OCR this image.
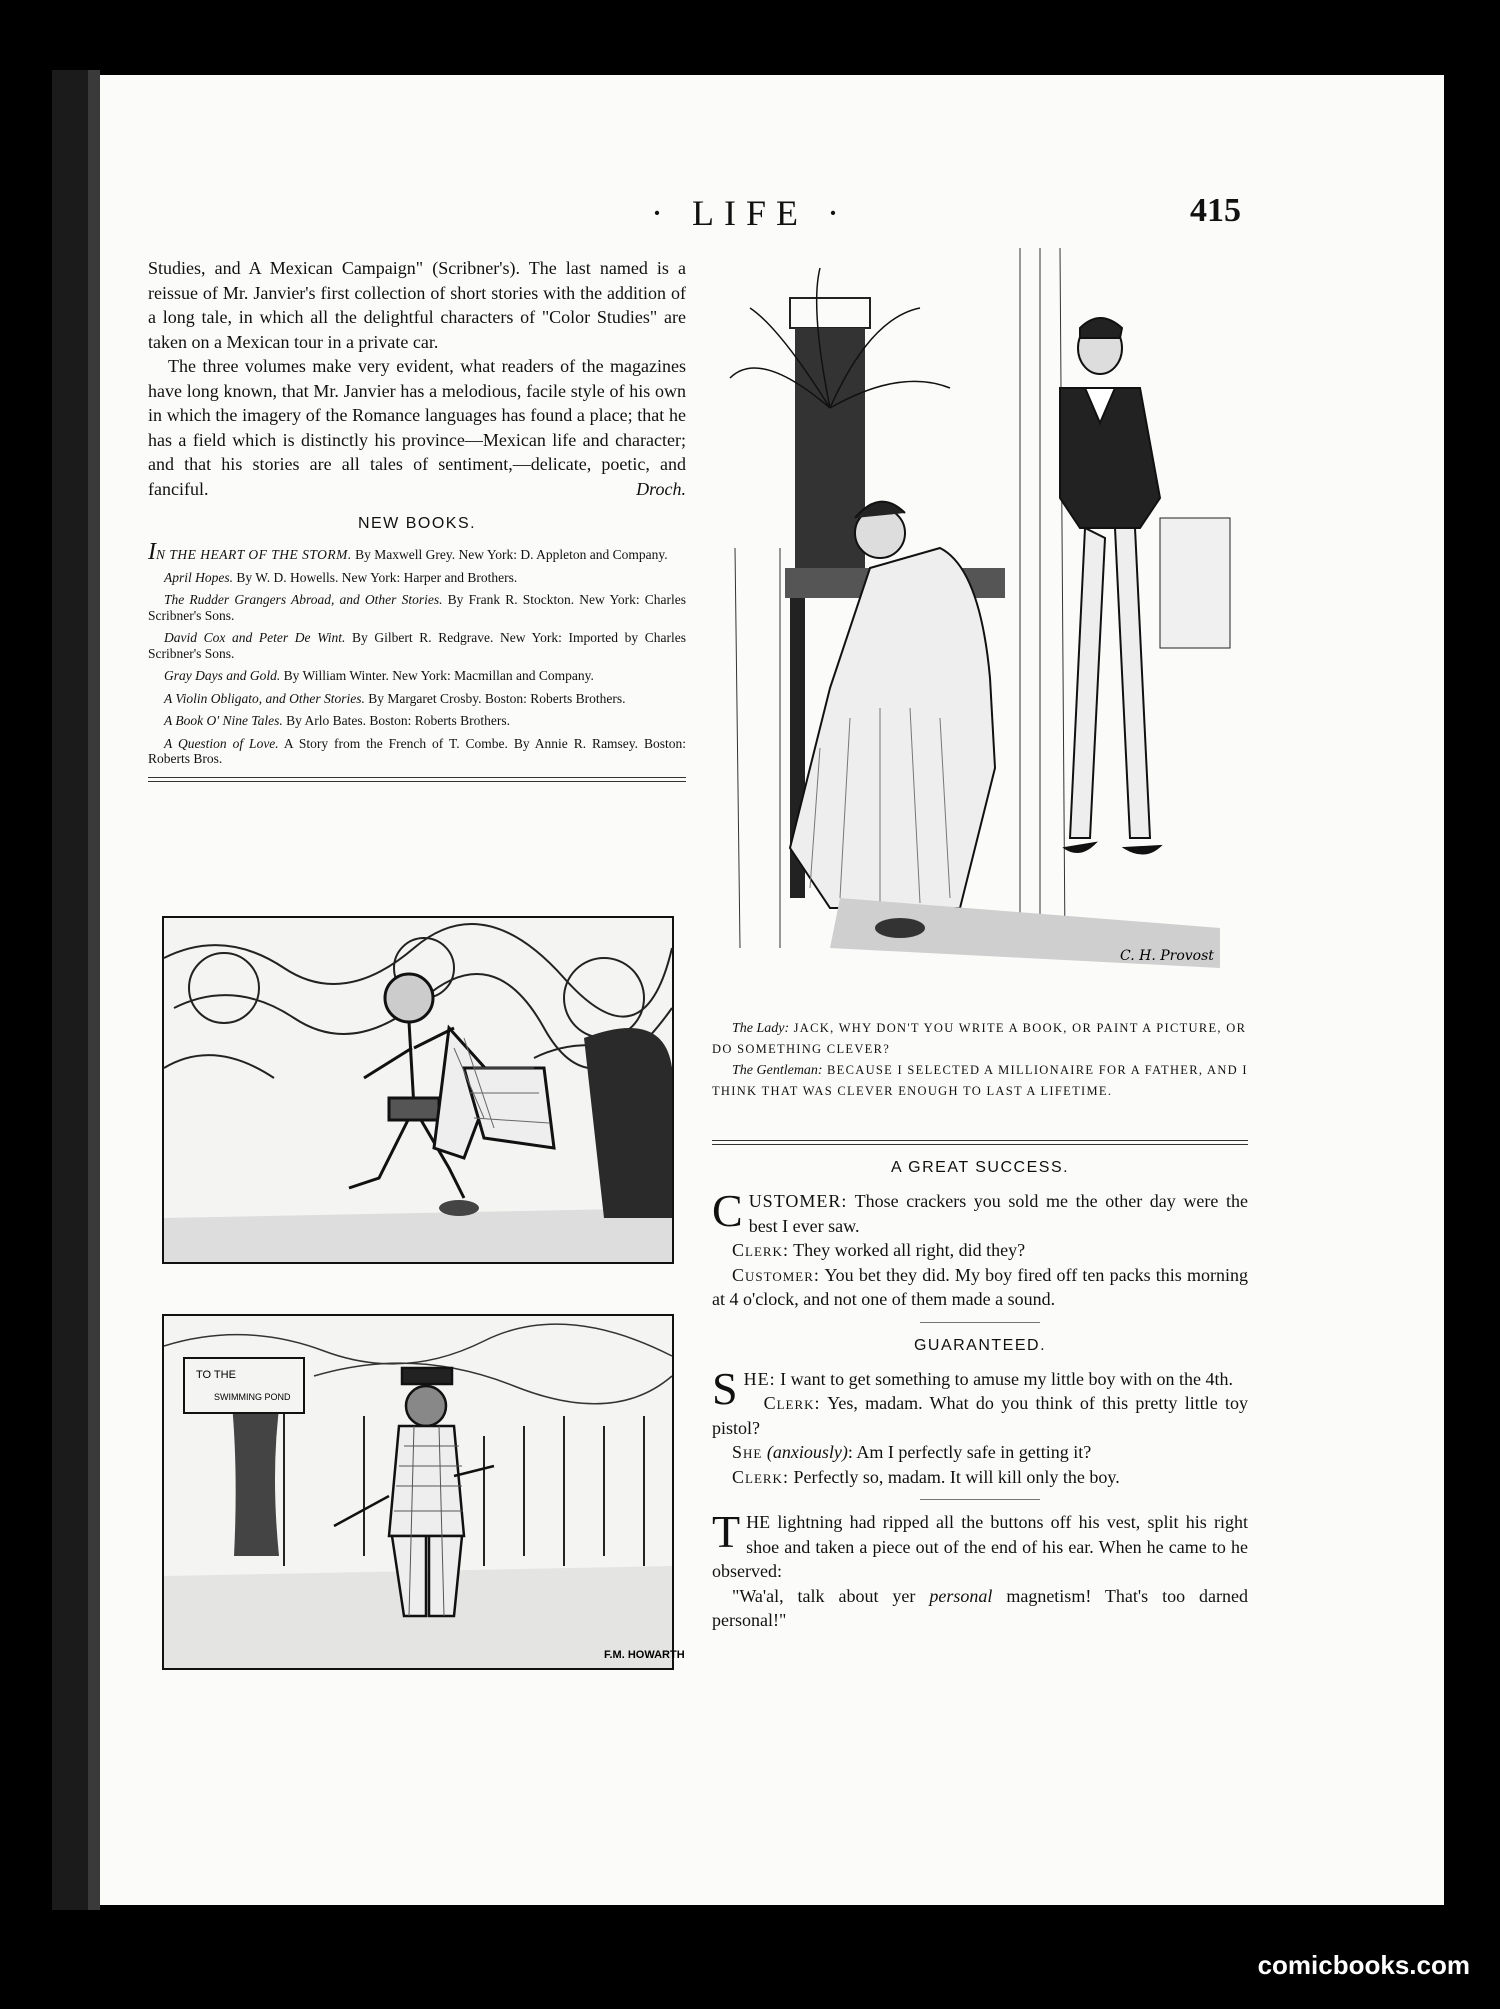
· LIFE ·	415

Studies, and A Mexican Campaign" (Scribner's). The last named is a reissue of Mr. Janvier's first collection of short stories with the addition of a long tale, in which all the delightful characters of "Color Studies" are taken on a Mexican tour in a private car.

The three volumes make very evident, what readers of the magazines have long known, that Mr. Janvier has a melodious, facile style of his own in which the imagery of the Romance languages has found a place; that he has a field which is distinctly his province—Mexican life and character; and that his stories are all tales of sentiment,—delicate, poetic, and fanciful.	Droch.

NEW BOOKS.

IN THE HEART OF THE STORM. By Maxwell Grey. New York: D. Appleton and Company.

April Hopes. By W. D. Howells. New York: Harper and Brothers.

The Rudder Grangers Abroad, and Other Stories. By Frank R. Stockton. New York: Charles Scribner's Sons.

David Cox and Peter De Wint. By Gilbert R. Redgrave. New York: Imported by Charles Scribner's Sons.

Gray Days and Gold. By William Winter. New York: Macmillan and Company.

A Violin Obligato, and Other Stories. By Margaret Crosby. Boston: Roberts Brothers.

A Book O' Nine Tales. By Arlo Bates. Boston: Roberts Brothers.

A Question of Love. A Story from the French of T. Combe. By Annie R. Ramsey. Boston: Roberts Bros.

TO THE
SWIMMING POND
F.M. HOWARTH
C. H. Provost

The Lady: JACK, WHY DON'T YOU WRITE A BOOK, OR PAINT A PICTURE, OR DO SOMETHING CLEVER?

The Gentleman: BECAUSE I SELECTED A MILLIONAIRE FOR A FATHER, AND I THINK THAT WAS CLEVER ENOUGH TO LAST A LIFETIME.

A GREAT SUCCESS.

C USTOMER: Those crackers you sold me the other day were the best I ever saw.

Clerk: They worked all right, did they?

Customer: You bet they did. My boy fired off ten packs this morning at 4 o'clock, and not one of them made a sound.

GUARANTEED.

S HE: I want to get something to amuse my little boy with on the 4th.

Clerk: Yes, madam. What do you think of this pretty little toy pistol?

She (anxiously): Am I perfectly safe in getting it?

Clerk: Perfectly so, madam. It will kill only the boy.

T HE lightning had ripped all the buttons off his vest, split his right shoe and taken a piece out of the end of his ear. When he came to he observed:

"Wa'al, talk about yer personal magnetism! That's too darned personal!"

comicbooks.com
